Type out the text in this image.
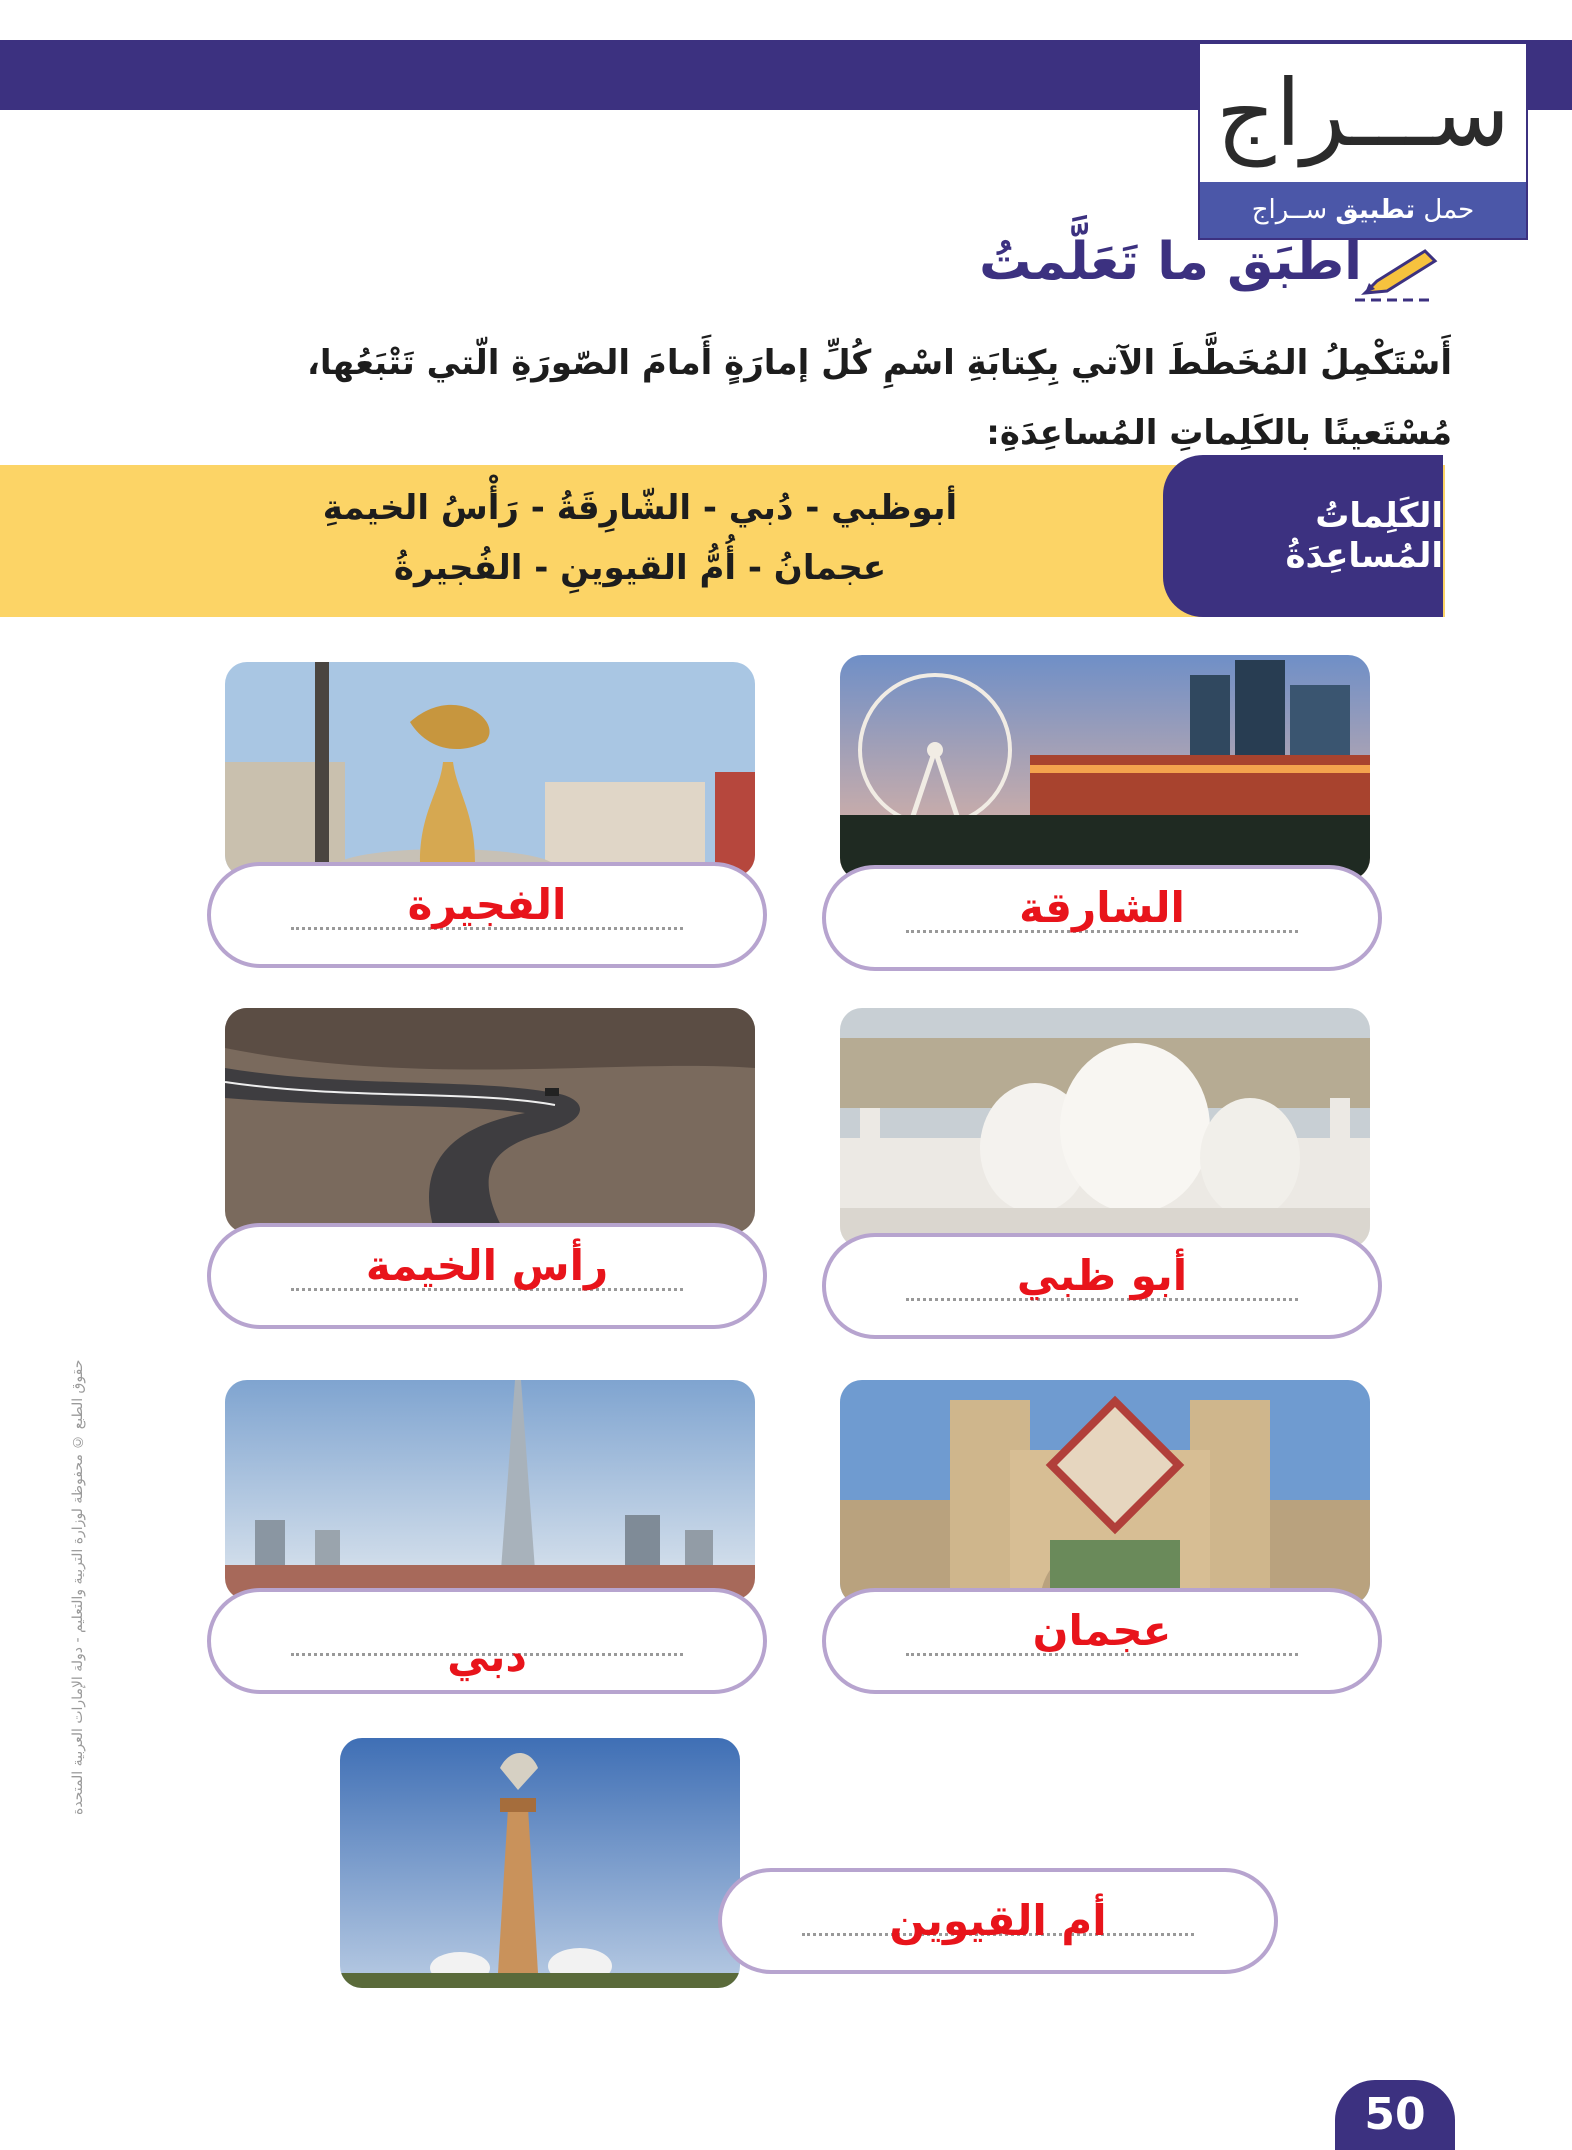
ســـراج
حمل تطبيق ســراج
اطبَق ما تَعَلَّمتُ
أَسْتَكْمِلُ المُخَطَّطَ الآتي بِكِتابَةِ اسْمِ كُلِّ إمارَةٍ أَمامَ الصّورَةِ الّتي تَتْبَعُها، مُسْتَعينًا بالكَلِماتِ المُساعِدَةِ:
الكَلِماتُ المُساعِدَةُ
أبوظبي - دُبي - الشّارِقَةُ - رَأْسُ الخيمةِ
عجمانُ - أُمُّ القيوينِ - الفُجيرةُ
الشارقة
الفجيرة
أبو ظبي
رأس الخيمة
عجمان
دبي
أم القيوين
حقوق الطبع © محفوظة لوزارة التربية والتعليم - دولة الإمارات العربية المتحدة
50
